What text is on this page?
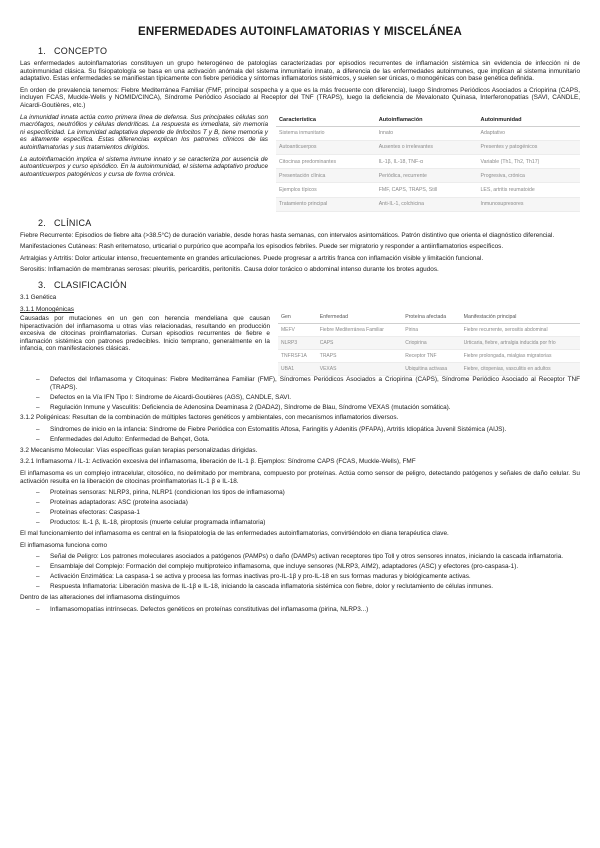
ENFERMEDADES AUTOINFLAMATORIAS Y MISCELÁNEA
1. CONCEPTO

Las enfermedades autoinflamatorias constituyen un grupo heterogéneo de patologías caracterizadas por episodios recurrentes de inflamación sistémica sin evidencia de infección ni de autoinmunidad clásica. Su fisiopatología se basa en una activación anómala del sistema inmunitario innato, a diferencia de las enfermedades autoinmunes, que implican al sistema inmunitario adaptativo. Estas enfermedades se manifiestan típicamente con fiebre periódica y síntomas inflamatorios sistémicos, y suelen ser únicas, o monogénicas con base genética definida.

En orden de prevalencia tenemos: Fiebre Mediterránea Familiar (FMF, principal sospecha y a que es la más frecuente con diferencia), luego Síndromes Periódicos Asociados a Criopirina (CAPS, incluyen FCAS, Muckle-Wells y NOMID/CINCA), Síndrome Periódico Asociado al Receptor del TNF (TRAPS), luego la deficiencia de Mevalonato Quinasa, Interferonopatías (SAVI, CANDLE, Aicardi-Goutières, etc.)

La inmunidad innata actúa como primera línea de defensa. Sus principales células son macrófagos, neutrófilos y células dendríticas. La respuesta es inmediata, sin memoria ni especificidad. La inmunidad adaptativa depende de linfocitos T y B, tiene memoria y es altamente específica. Estas diferencias explican los patrones clínicos de las autoinflamatorias y sus tratamientos dirigidos.

La autoinflamación implica el sistema inmune innato y se caracteriza por ausencia de autoanticuerpos y curso episódico. En la autoinmunidad, el sistema adaptativo produce autoanticuerpos patogénicos y cursa de forma crónica.

Característica	Autoinflamación	Autoinmunidad
Sistema inmunitario	Innato	Adaptativo
Autoanticuerpos	Ausentes o irrelevantes	Presentes y patogénicos
Citocinas predominantes	IL-1β, IL-18, TNF-α	Variable (Th1, Th2, Th17)
Presentación clínica	Periódica, recurrente	Progresiva, crónica
Ejemplos típicos	FMF, CAPS, TRAPS, Still	LES, artritis reumatoide
Tratamiento principal	Anti-IL-1, colchicina	Inmunosupresores
2. CLÍNICA

Fiebre Recurrente: Episodios de fiebre alta (>38.5°C) de duración variable, desde horas hasta semanas, con intervalos asintomáticos. Patrón distintivo que orienta el diagnóstico diferencial.

Manifestaciones Cutáneas: Rash eritematoso, urticarial o purpúrico que acompaña los episodios febriles. Puede ser migratorio y responder a antiinflamatorios específicos.

Artralgias y Artritis: Dolor articular intenso, frecuentemente en grandes articulaciones. Puede progresar a artritis franca con inflamación visible y limitación funcional.

Serositis: Inflamación de membranas serosas: pleuritis, pericarditis, peritonitis. Causa dolor torácico o abdominal intenso durante los brotes agudos.

3. CLASIFICACIÓN
3.1 Genética
3.1.1 Monogénicas

Causadas por mutaciones en un gen con herencia mendeliana que causan hiperactivación del inflamasoma u otras vías relacionadas, resultando en producción excesiva de citocinas proinflamatorias. Cursan episodios recurrentes de fiebre e inflamación sistémica con patrones predecibles. Inicio temprano, generalmente en la infancia, con manifestaciones clásicas.

Gen	Enfermedad	Proteína afectada	Manifestación principal
MEFV	Fiebre Mediterránea Familiar	Pirina	Fiebre recurrente, serositis abdominal
NLRP3	CAPS	Criopirina	Urticaria, fiebre, artralgia inducida por frío
TNFRSF1A	TRAPS	Receptor TNF	Fiebre prolongada, mialgias migratorias
UBA1	VEXAS	Ubiquitina activasa	Fiebre, citopenias, vasculitis en adultos
– Defectos del Inflamasoma y Citoquinas: Fiebre Mediterránea Familiar (FMF), Síndromes Periódicos Asociados a Criopirina (CAPS), Síndrome Periódico Asociado al Receptor TNF (TRAPS).
– Defectos en la Vía IFN Tipo I: Síndrome de Aicardi-Goutières (AGS), CANDLE, SAVI.
– Regulación Inmune y Vasculitis: Deficiencia de Adenosina Deaminasa 2 (DADA2), Síndrome de Blau, Síndrome VEXAS (mutación somática).

3.1.2 Poligénicas: Resultan de la combinación de múltiples factores genéticos y ambientales, con mecanismos inflamatorios diversos.

– Síndromes de inicio en la infancia: Síndrome de Fiebre Periódica con Estomatitis Aftosa, Faringitis y Adenitis (PFAPA), Artritis Idiopática Juvenil Sistémica (AIJS).
– Enfermedades del Adulto: Enfermedad de Behçet, Gota.

3.2 Mecanismo Molecular: Vías específicas guían terapias personalizadas dirigidas.

3.2.1 Inflamasoma / IL-1: Activación excesiva del inflamasoma, liberación de IL-1 β. Ejemplos: Síndrome CAPS (FCAS, Muckle-Wells), FMF

El inflamasoma es un complejo intracelular, citosólico, no delimitado por membrana, compuesto por proteínas. Actúa como sensor de peligro, detectando patógenos y señales de daño celular. Su activación resulta en la liberación de citocinas proinflamatorias IL-1 β e IL-18.

– Proteínas sensoras: NLRP3, pirina, NLRP1 (condicionan los tipos de inflamasoma)
– Proteínas adaptadoras: ASC (proteína asociada)
– Proteínas efectoras: Caspasa-1
– Productos: IL-1 β, IL-18, piroptosis (muerte celular programada inflamatoria)

El mal funcionamiento del inflamasoma es central en la fisiopatología de las enfermedades autoinflamatorias, convirtiéndolo en diana terapéutica clave.

El inflamasoma funciona como

– Señal de Peligro: Los patrones moleculares asociados a patógenos (PAMPs) o daño (DAMPs) activan receptores tipo Toll y otros sensores innatos, iniciando la cascada inflamatoria.
– Ensamblaje del Complejo: Formación del complejo multiproteico inflamasoma, que incluye sensores (NLRP3, AIM2), adaptadores (ASC) y efectores (pro-caspasa-1).
– Activación Enzimática: La caspasa-1 se activa y procesa las formas inactivas pro-IL-1β y pro-IL-18 en sus formas maduras y biológicamente activas.
– Respuesta Inflamatoria: Liberación masiva de IL-1β e IL-18, iniciando la cascada inflamatoria sistémica con fiebre, dolor y reclutamiento de células inmunes.

Dentro de las alteraciones del inflamasoma distinguimos

– Inflamasomopatías intrínsecas. Defectos genéticos en proteínas constitutivas del inflamasoma (pirina, NLRP3...)
